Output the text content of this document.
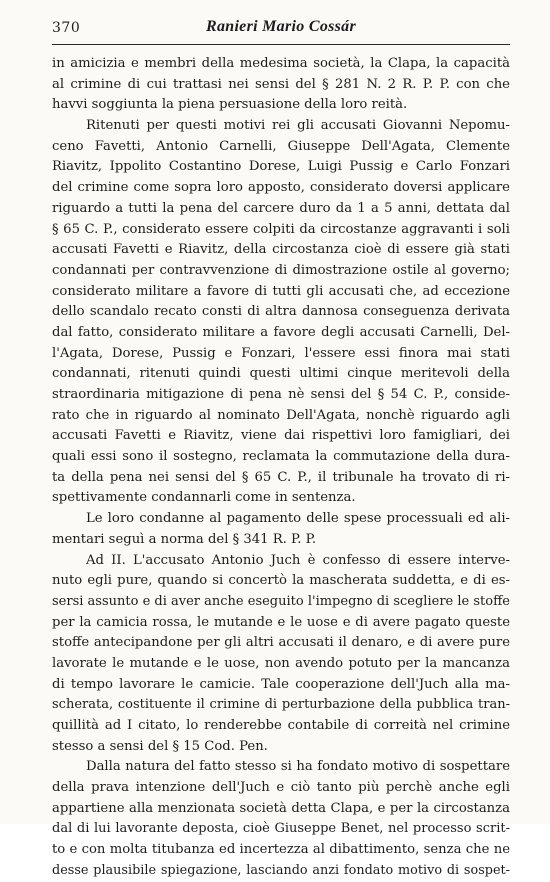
370	Ranieri Mario Cossár
in amicizia e membri della medesima società, la Clapa, la capacità
al crimine di cui trattasi nei sensi del § 281 N. 2 R. P. P. con che
havvi soggiunta la piena persuasione della loro reità.
Ritenuti per questi motivi rei gli accusati Giovanni Nepomu-
ceno Favetti, Antonio Carnelli, Giuseppe Dell'Agata, Clemente
Riavitz, Ippolito Costantino Dorese, Luigi Pussig e Carlo Fonzari
del crimine come sopra loro apposto, considerato doversi applicare
riguardo a tutti la pena del carcere duro da 1 a 5 anni, dettata dal
§ 65 C. P., considerato essere colpiti da circostanze aggravanti i soli
accusati Favetti e Riavitz, della circostanza cioè di essere già stati
condannati per contravvenzione di dimostrazione ostile al governo;
considerato militare a favore di tutti gli accusati che, ad eccezione
dello scandalo recato consti di altra dannosa conseguenza derivata
dal fatto, considerato militare a favore degli accusati Carnelli, Del-
l'Agata, Dorese, Pussig e Fonzari, l'essere essi finora mai stati
condannati, ritenuti quindi questi ultimi cinque meritevoli della
straordinaria mitigazione di pena nè sensi del § 54 C. P., conside-
rato che in riguardo al nominato Dell'Agata, nonchè riguardo agli
accusati Favetti e Riavitz, viene dai rispettivi loro famigliari, dei
quali essi sono il sostegno, reclamata la commutazione della dura-
ta della pena nei sensi del § 65 C. P., il tribunale ha trovato di ri-
spettivamente condannarli come in sentenza.
Le loro condanne al pagamento delle spese processuali ed ali-
mentari seguì a norma del § 341 R. P. P.
Ad II. L'accusato Antonio Juch è confesso di essere interve-
nuto egli pure, quando si concertò la mascherata suddetta, e di es-
sersi assunto e di aver anche eseguito l'impegno di scegliere le stoffe
per la camicia rossa, le mutande e le uose e di avere pagato queste
stoffe antecipandone per gli altri accusati il denaro, e di avere pure
lavorate le mutande e le uose, non avendo potuto per la mancanza
di tempo lavorare le camicie. Tale cooperazione dell'Juch alla ma-
scherata, costituente il crimine di perturbazione della pubblica tran-
quillità ad I citato, lo renderebbe contabile di correità nel crimine
stesso a sensi del § 15 Cod. Pen.
Dalla natura del fatto stesso si ha fondato motivo di sospettare
della prava intenzione dell'Juch e ciò tanto più perchè anche egli
appartiene alla menzionata società detta Clapa, e per la circostanza
dal di lui lavorante deposta, cioè Giuseppe Benet, nel processo scrit-
to e con molta titubanza ed incertezza al dibattimento, senza che ne
desse plausibile spiegazione, lasciando anzi fondato motivo di sospet-
